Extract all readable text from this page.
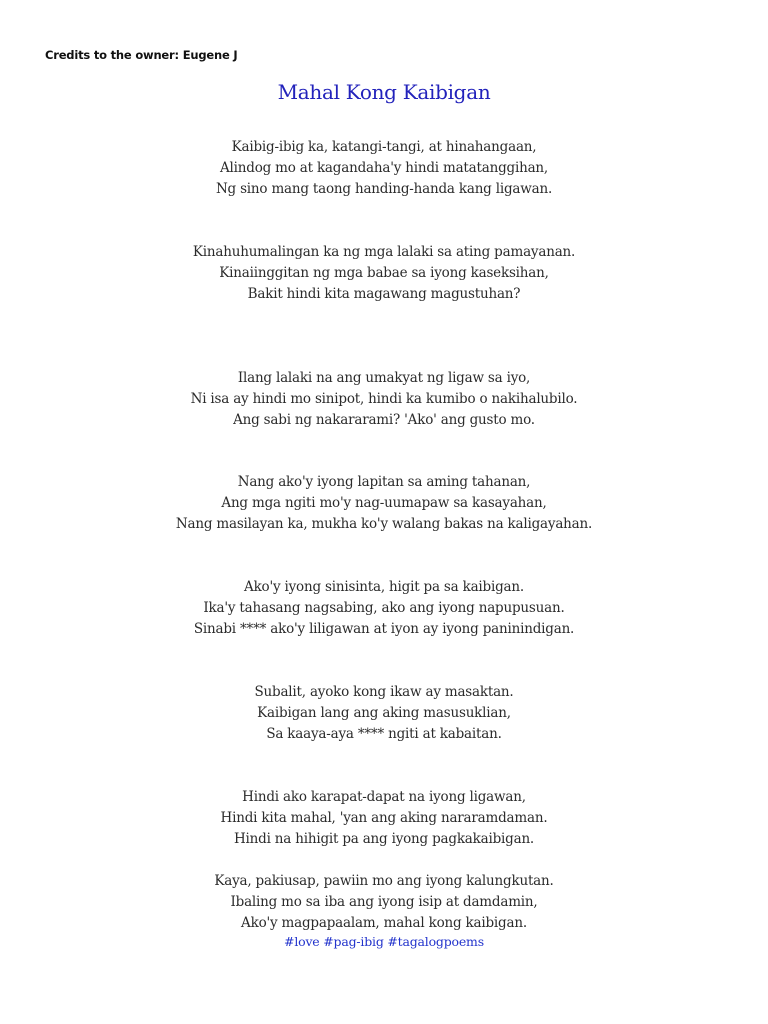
Credits to the owner: Eugene J
Mahal Kong Kaibigan
Kaibig-ibig ka, katangi-tangi, at hinahangaan,
Alindog mo at kagandaha'y hindi matatanggihan,
Ng sino mang taong handing-handa kang ligawan.
Kinahuhumalingan ka ng mga lalaki sa ating pamayanan.
Kinaiinggitan ng mga babae sa iyong kaseksihan,
Bakit hindi kita magawang magustuhan?
Ilang lalaki na ang umakyat ng ligaw sa iyo,
Ni isa ay hindi mo sinipot, hindi ka kumibo o nakihalubilo.
Ang sabi ng nakararami? 'Ako' ang gusto mo.
Nang ako'y iyong lapitan sa aming tahanan,
Ang mga ngiti mo'y nag-uumapaw sa kasayahan,
Nang masilayan ka, mukha ko'y walang bakas na kaligayahan.
Ako'y iyong sinisinta, higit pa sa kaibigan.
Ika'y tahasang nagsabing, ako ang iyong napupusuan.
Sinabi **** ako'y liligawan at iyon ay iyong paninindigan.
Subalit, ayoko kong ikaw ay masaktan.
Kaibigan lang ang aking masusuklian,
Sa kaaya-aya **** ngiti at kabaitan.
Hindi ako karapat-dapat na iyong ligawan,
Hindi kita mahal, 'yan ang aking nararamdaman.
Hindi na hihigit pa ang iyong pagkakaibigan.
Kaya, pakiusap, pawiin mo ang iyong kalungkutan.
Ibaling mo sa iba ang iyong isip at damdamin,
Ako'y magpapaalam, mahal kong kaibigan.
#love #pag-ibig #tagalogpoems
